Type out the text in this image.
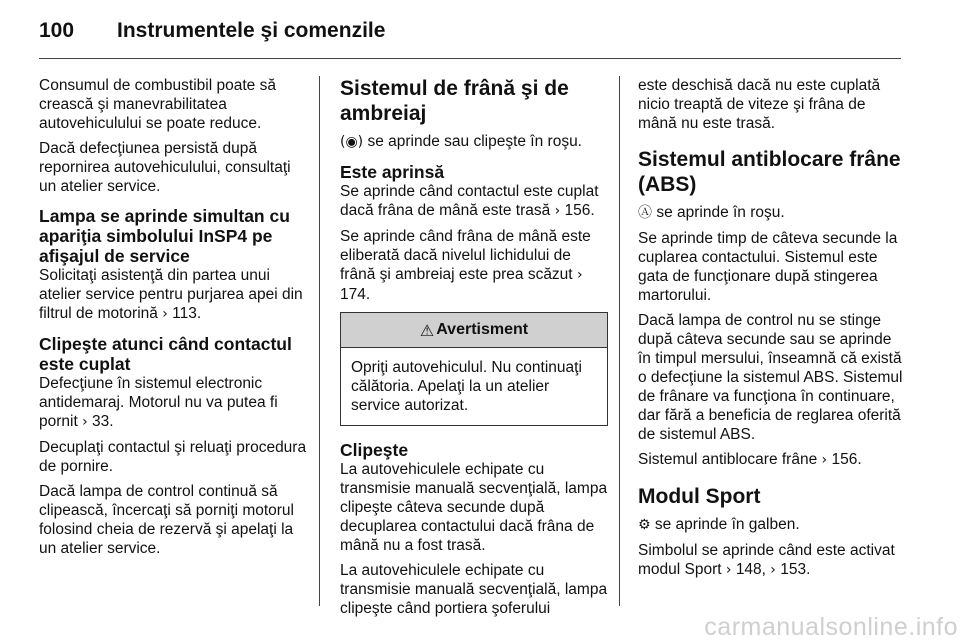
100 Instrumentele şi comenzile

Consumul de combustibil poate să crească şi manevrabilitatea autovehiculului se poate reduce.

Dacă defecţiunea persistă după repornirea autovehiculului, consultaţi un atelier service.

Lampa se aprinde simultan cu apariţia simbolului InSP4 pe afişajul de service

Solicitaţi asistenţă din partea unui atelier service pentru purjarea apei din filtrul de motorină › 113.

Clipeşte atunci când contactul este cuplat

Defecţiune în sistemul electronic antidemaraj. Motorul nu va putea fi pornit › 33.

Decuplaţi contactul şi reluaţi procedura de pornire.

Dacă lampa de control continuă să clipească, încercaţi să porniţi motorul folosind cheia de rezervă şi apelaţi la un atelier service.

Sistemul de frână şi de ambreiaj

(◉) se aprinde sau clipeşte în roşu.

Este aprinsă

Se aprinde când contactul este cuplat dacă frâna de mână este trasă › 156.

Se aprinde când frâna de mână este eliberată dacă nivelul lichidului de frână şi ambreiaj este prea scăzut › 174.

⚠ Avertisment

Opriţi autovehiculul. Nu continuaţi călătoria. Apelaţi la un atelier service autorizat.

Clipeşte

La autovehiculele echipate cu transmisie manuală secvenţială, lampa clipeşte câteva secunde după decuplarea contactului dacă frâna de mână nu a fost trasă.

La autovehiculele echipate cu transmisie manuală secvenţială, lampa clipeşte când portiera şoferului

este deschisă dacă nu este cuplată nicio treaptă de viteze şi frâna de mână nu este trasă.

Sistemul antiblocare frâne (ABS)

Ⓐ se aprinde în roşu.

Se aprinde timp de câteva secunde la cuplarea contactului. Sistemul este gata de funcţionare după stingerea martorului.

Dacă lampa de control nu se stinge după câteva secunde sau se aprinde în timpul mersului, înseamnă că există o defecţiune la sistemul ABS. Sistemul de frânare va funcţiona în continuare, dar fără a beneficia de reglarea oferită de sistemul ABS.

Sistemul antiblocare frâne › 156.

Modul Sport

⚙ se aprinde în galben.

Simbolul se aprinde când este activat modul Sport › 148, › 153.

carmanualsonline.info
